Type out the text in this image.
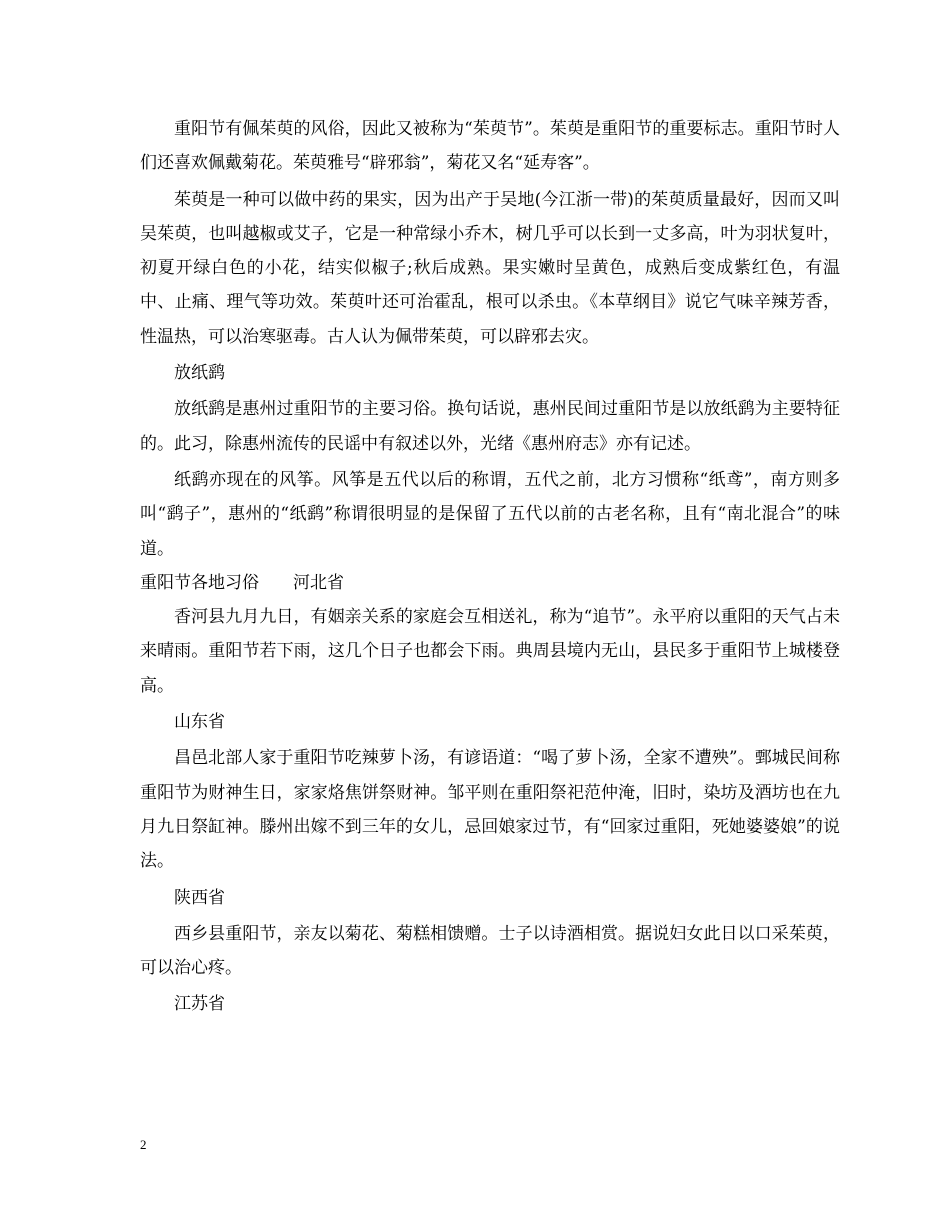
重阳节有佩茱萸的风俗，因此又被称为“茱萸节”。茱萸是重阳节的重要标志。重阳节时人们还喜欢佩戴菊花。茱萸雅号“辟邪翁”，菊花又名“延寿客”。

茱萸是一种可以做中药的果实，因为出产于吴地(今江浙一带)的茱萸质量最好，因而又叫吴茱萸，也叫越椒或艾子，它是一种常绿小乔木，树几乎可以长到一丈多高，叶为羽状复叶，初夏开绿白色的小花，结实似椒子;秋后成熟。果实嫩时呈黄色，成熟后变成紫红色，有温中、止痛、理气等功效。茱萸叶还可治霍乱，根可以杀虫。《本草纲目》说它气味辛辣芳香，性温热，可以治寒驱毒。古人认为佩带茱萸，可以辟邪去灾。

放纸鹞

放纸鹞是惠州过重阳节的主要习俗。换句话说，惠州民间过重阳节是以放纸鹞为主要特征的。此习，除惠州流传的民谣中有叙述以外，光绪《惠州府志》亦有记述。

纸鹞亦现在的风筝。风筝是五代以后的称谓，五代之前，北方习惯称“纸鸢”，南方则多叫“鹞子”，惠州的“纸鹞”称谓很明显的是保留了五代以前的古老名称，且有“南北混合”的味道。

重阳节各地习俗　　河北省

香河县九月九日，有姻亲关系的家庭会互相送礼，称为“追节”。永平府以重阳的天气占未来晴雨。重阳节若下雨，这几个日子也都会下雨。典周县境内无山，县民多于重阳节上城楼登高。

山东省

昌邑北部人家于重阳节吃辣萝卜汤，有谚语道：“喝了萝卜汤，全家不遭殃”。鄄城民间称重阳节为财神生日，家家烙焦饼祭财神。邹平则在重阳祭祀范仲淹，旧时，染坊及酒坊也在九月九日祭缸神。滕州出嫁不到三年的女儿，忌回娘家过节，有“回家过重阳，死她婆婆娘”的说法。

陕西省

西乡县重阳节，亲友以菊花、菊糕相馈赠。士子以诗酒相赏。据说妇女此日以口采茱萸，可以治心疼。

江苏省

2
